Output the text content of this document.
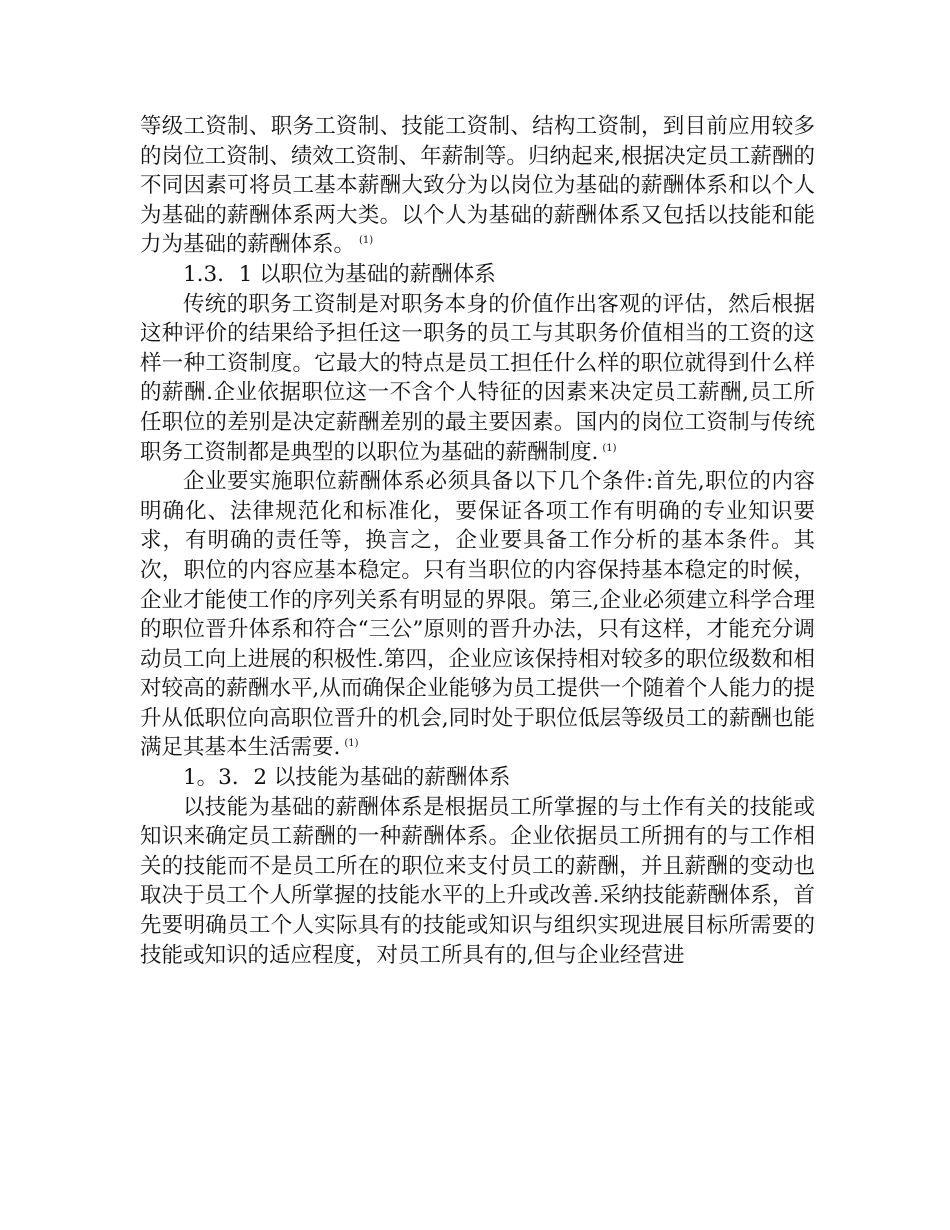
等级工资制、职务工资制、技能工资制、结构工资制，到目前应用较多的岗位工资制、绩效工资制、年薪制等。归纳起来,根据决定员工薪酬的不同因素可将员工基本薪酬大致分为以岗位为基础的薪酬体系和以个人为基础的薪酬体系两大类。以个人为基础的薪酬体系又包括以技能和能力为基础的薪酬体系。 $^{(1)}$

1.3．1 以职位为基础的薪酬体系

传统的职务工资制是对职务本身的价值作出客观的评估，然后根据这种评价的结果给予担任这一职务的员工与其职务价值相当的工资的这样一种工资制度。它最大的特点是员工担任什么样的职位就得到什么样的薪酬.企业依据职位这一不含个人特征的因素来决定员工薪酬,员工所任职位的差别是决定薪酬差别的最主要因素。国内的岗位工资制与传统职务工资制都是典型的以职位为基础的薪酬制度. $^{(1)}$

企业要实施职位薪酬体系必须具备以下几个条件:首先,职位的内容明确化、法律规范化和标准化，要保证各项工作有明确的专业知识要求，有明确的责任等，换言之，企业要具备工作分析的基本条件。其次，职位的内容应基本稳定。只有当职位的内容保持基本稳定的时候，企业才能使工作的序列关系有明显的界限。第三,企业必须建立科学合理的职位晋升体系和符合“三公”原则的晋升办法，只有这样，才能充分调动员工向上进展的积极性.第四，企业应该保持相对较多的职位级数和相对较高的薪酬水平,从而确保企业能够为员工提供一个随着个人能力的提升从低职位向高职位晋升的机会,同时处于职位低层等级员工的薪酬也能满足其基本生活需要. $^{(1)}$

1。3．2 以技能为基础的薪酬体系

以技能为基础的薪酬体系是根据员工所掌握的与土作有关的技能或知识来确定员工薪酬的一种薪酬体系。企业依据员工所拥有的与工作相关的技能而不是员工所在的职位来支付员工的薪酬，并且薪酬的变动也取决于员工个人所掌握的技能水平的上升或改善.采纳技能薪酬体系，首先要明确员工个人实际具有的技能或知识与组织实现进展目标所需要的技能或知识的适应程度，对员工所具有的,但与企业经营进
